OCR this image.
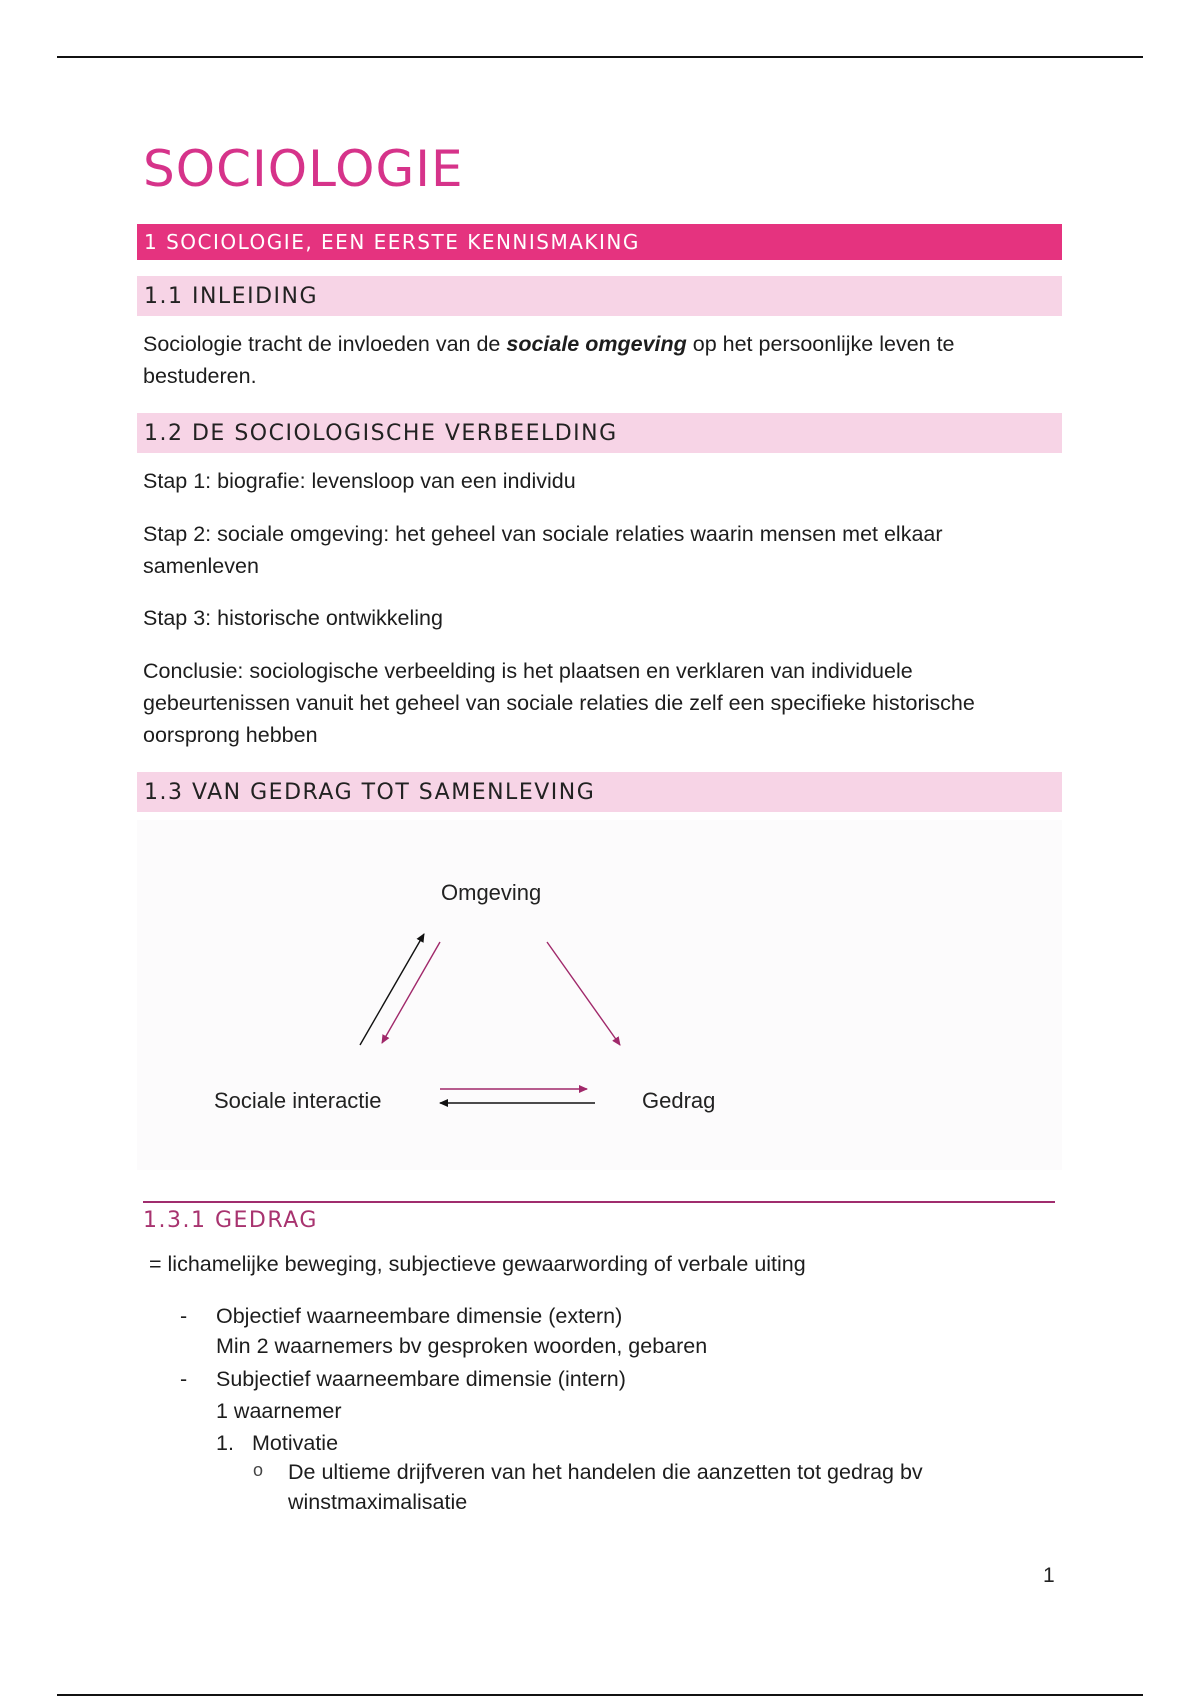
SOCIOLOGIE
1 SOCIOLOGIE, EEN EERSTE KENNISMAKING
1.1 INLEIDING

Sociologie tracht de invloeden van de sociale omgeving op het persoonlijke leven te bestuderen.

1.2 DE SOCIOLOGISCHE VERBEELDING

Stap 1: biografie: levensloop van een individu

Stap 2: sociale omgeving: het geheel van sociale relaties waarin mensen met elkaar samenleven

Stap 3: historische ontwikkeling

Conclusie: sociologische verbeelding is het plaatsen en verklaren van individuele gebeurtenissen vanuit het geheel van sociale relaties die zelf een specifieke historische oorsprong hebben

1.3 VAN GEDRAG TOT SAMENLEVING
Omgeving
Sociale interactie	Gedrag
1.3.1 GEDRAG
= lichamelijke beweging, subjectieve gewaarwording of verbale uiting
- Objectief waarneembare dimensie (extern)
Min 2 waarnemers bv gesproken woorden, gebaren
- Subjectief waarneembare dimensie (intern)
1 waarnemer
1. Motivatie
o De ultieme drijfveren van het handelen die aanzetten tot gedrag bv
winstmaximalisatie
1
